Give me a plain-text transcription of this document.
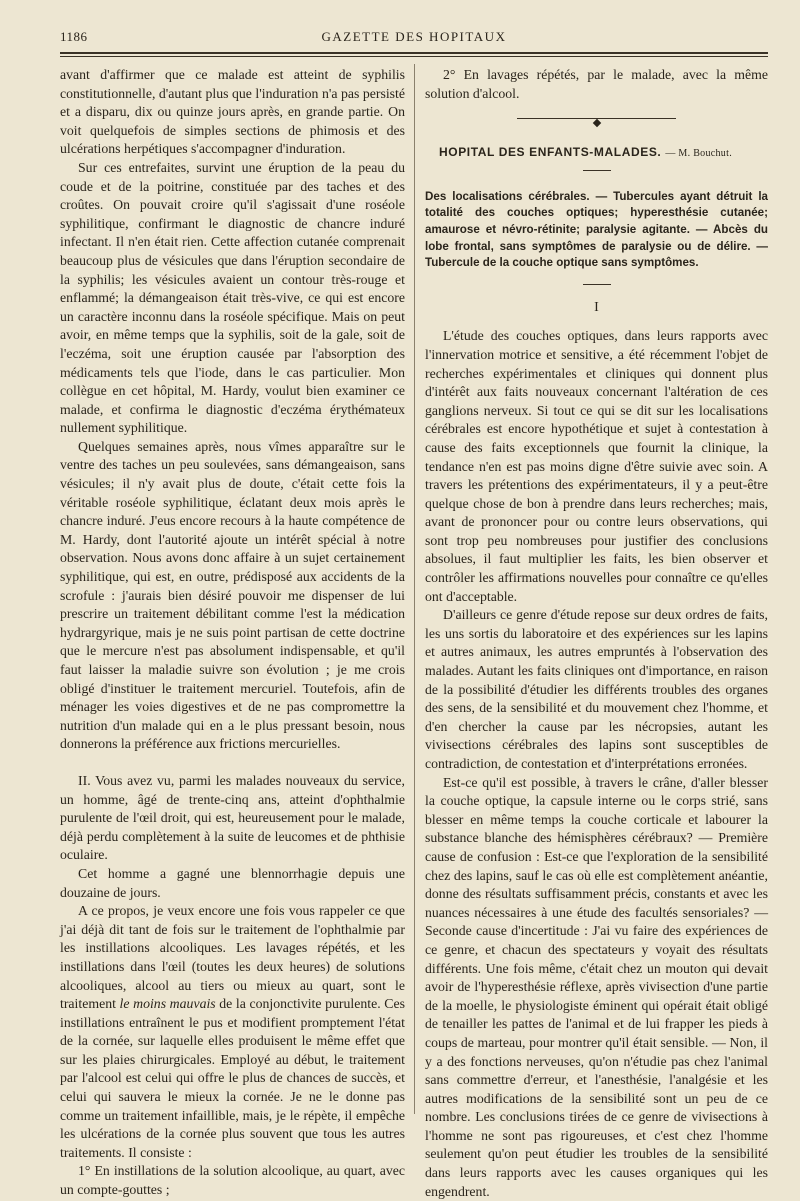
1186	GAZETTE DES HOPITAUX

avant d'affirmer que ce malade est atteint de syphilis constitutionnelle, d'autant plus que l'induration n'a pas persisté et a disparu, dix ou quinze jours après, en grande partie. On voit quelquefois de simples sections de phimosis et des ulcérations herpétiques s'accompagner d'induration.

Sur ces entrefaites, survint une éruption de la peau du coude et de la poitrine, constituée par des taches et des croûtes. On pouvait croire qu'il s'agissait d'une roséole syphilitique, confirmant le diagnostic de chancre induré infectant. Il n'en était rien. Cette affection cutanée comprenait beaucoup plus de vésicules que dans l'éruption secondaire de la syphilis; les vésicules avaient un contour très-rouge et enflammé; la démangeaison était très-vive, ce qui est encore un caractère inconnu dans la roséole spécifique. Mais on peut avoir, en même temps que la syphilis, soit de la gale, soit de l'eczéma, soit une éruption causée par l'absorption des médicaments tels que l'iode, dans le cas particulier. Mon collègue en cet hôpital, M. Hardy, voulut bien examiner ce malade, et confirma le diagnostic d'eczéma érythémateux nullement syphilitique.

Quelques semaines après, nous vîmes apparaître sur le ventre des taches un peu soulevées, sans démangeaison, sans vésicules; il n'y avait plus de doute, c'était cette fois la véritable roséole syphilitique, éclatant deux mois après le chancre induré. J'eus encore recours à la haute compétence de M. Hardy, dont l'autorité ajoute un intérêt spécial à notre observation. Nous avons donc affaire à un sujet certainement syphilitique, qui est, en outre, prédisposé aux accidents de la scrofule : j'aurais bien désiré pouvoir me dispenser de lui prescrire un traitement débilitant comme l'est la médication hydrargyrique, mais je ne suis point partisan de cette doctrine que le mercure n'est pas absolument indispensable, et qu'il faut laisser la maladie suivre son évolution ; je me crois obligé d'instituer le traitement mercuriel. Toutefois, afin de ménager les voies digestives et de ne pas compromettre la nutrition d'un malade qui en a le plus pressant besoin, nous donnerons la préférence aux frictions mercurielles.

II. Vous avez vu, parmi les malades nouveaux du service, un homme, âgé de trente-cinq ans, atteint d'ophthalmie purulente de l'œil droit, qui est, heureusement pour le malade, déjà perdu complètement à la suite de leucomes et de phthisie oculaire.

Cet homme a gagné une blennorrhagie depuis une douzaine de jours.

A ce propos, je veux encore une fois vous rappeler ce que j'ai déjà dit tant de fois sur le traitement de l'ophthalmie par les instillations alcooliques. Les lavages répétés, et les instillations dans l'œil (toutes les deux heures) de solutions alcooliques, alcool au tiers ou mieux au quart, sont le traitement le moins mauvais de la conjonctivite purulente. Ces instillations entraînent le pus et modifient promptement l'état de la cornée, sur laquelle elles produisent le même effet que sur les plaies chirurgicales. Employé au début, le traitement par l'alcool est celui qui offre le plus de chances de succès, et celui qui sauvera le mieux la cornée. Je ne le donne pas comme un traitement infaillible, mais, je le répète, il empêche les ulcérations de la cornée plus souvent que tous les autres traitements. Il consiste :

1° En instillations de la solution alcoolique, au quart, avec un compte-gouttes ;

2° En lavages répétés, par le malade, avec la même solution d'alcool.

HOPITAL DES ENFANTS-MALADES. — M. Bouchut.
Des localisations cérébrales. — Tubercules ayant détruit la totalité des couches optiques; hyperesthésie cutanée; amaurose et névro-rétinite; paralysie agitante. — Abcès du lobe frontal, sans symptômes de paralysie ou de délire. — Tubercule de la couche optique sans symptômes.
I

L'étude des couches optiques, dans leurs rapports avec l'innervation motrice et sensitive, a été récemment l'objet de recherches expérimentales et cliniques qui donnent plus d'intérêt aux faits nouveaux concernant l'altération de ces ganglions nerveux. Si tout ce qui se dit sur les localisations cérébrales est encore hypothétique et sujet à contestation à cause des faits exceptionnels que fournit la clinique, la tendance n'en est pas moins digne d'être suivie avec soin. A travers les prétentions des expérimentateurs, il y a peut-être quelque chose de bon à prendre dans leurs recherches; mais, avant de prononcer pour ou contre leurs observations, qui sont trop peu nombreuses pour justifier des conclusions absolues, il faut multiplier les faits, les bien observer et contrôler les affirmations nouvelles pour connaître ce qu'elles ont d'acceptable.

D'ailleurs ce genre d'étude repose sur deux ordres de faits, les uns sortis du laboratoire et des expériences sur les lapins et autres animaux, les autres empruntés à l'observation des malades. Autant les faits cliniques ont d'importance, en raison de la possibilité d'étudier les différents troubles des organes des sens, de la sensibilité et du mouvement chez l'homme, et d'en chercher la cause par les nécropsies, autant les vivisections cérébrales des lapins sont susceptibles de contradiction, de contestation et d'interprétations erronées.

Est-ce qu'il est possible, à travers le crâne, d'aller blesser la couche optique, la capsule interne ou le corps strié, sans blesser en même temps la couche corticale et labourer la substance blanche des hémisphères cérébraux? — Première cause de confusion : Est-ce que l'exploration de la sensibilité chez des lapins, sauf le cas où elle est complètement anéantie, donne des résultats suffisamment précis, constants et avec les nuances nécessaires à une étude des facultés sensoriales? — Seconde cause d'incertitude : J'ai vu faire des expériences de ce genre, et chacun des spectateurs y voyait des résultats différents. Une fois même, c'était chez un mouton qui devait avoir de l'hyperesthésie réflexe, après vivisection d'une partie de la moelle, le physiologiste éminent qui opérait était obligé de tenailler les pattes de l'animal et de lui frapper les pieds à coups de marteau, pour montrer qu'il était sensible. — Non, il y a des fonctions nerveuses, qu'on n'étudie pas chez l'animal sans commettre d'erreur, et l'anesthésie, l'analgésie et les autres modifications de la sensibilité sont un peu de ce nombre. Les conclusions tirées de ce genre de vivisections à l'homme ne sont pas rigoureuses, et c'est chez l'homme seulement qu'on peut étudier les troubles de la sensibilité dans leurs rapports avec les causes organiques qui les engendrent.
